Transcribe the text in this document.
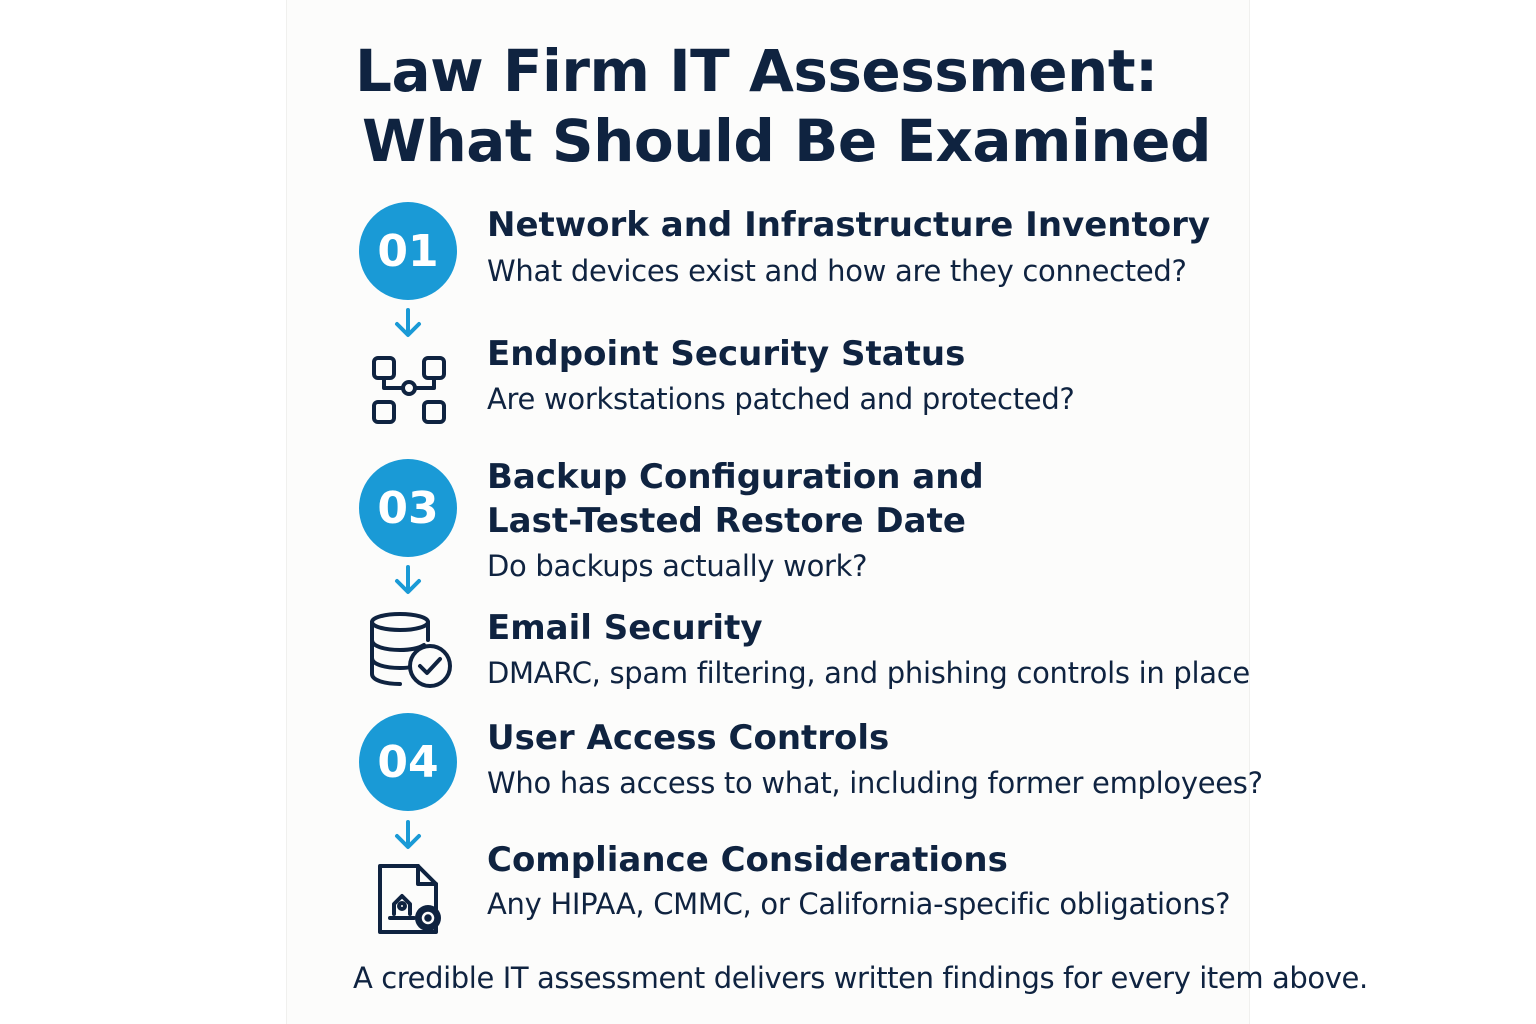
Law Firm IT Assessment:
What Should Be Examined
01

Network and Infrastructure Inventory

What devices exist and how are they connected?

Endpoint Security Status

Are workstations patched and protected?

03

Backup Configuration and

Last-Tested Restore Date

Do backups actually work?

Email Security

DMARC, spam filtering, and phishing controls in place

04	User Access Controls

Who has access to what, including former employees?

Compliance Considerations

Any HIPAA, CMMC, or California-specific obligations?

A credible IT assessment delivers written findings for every item above.
